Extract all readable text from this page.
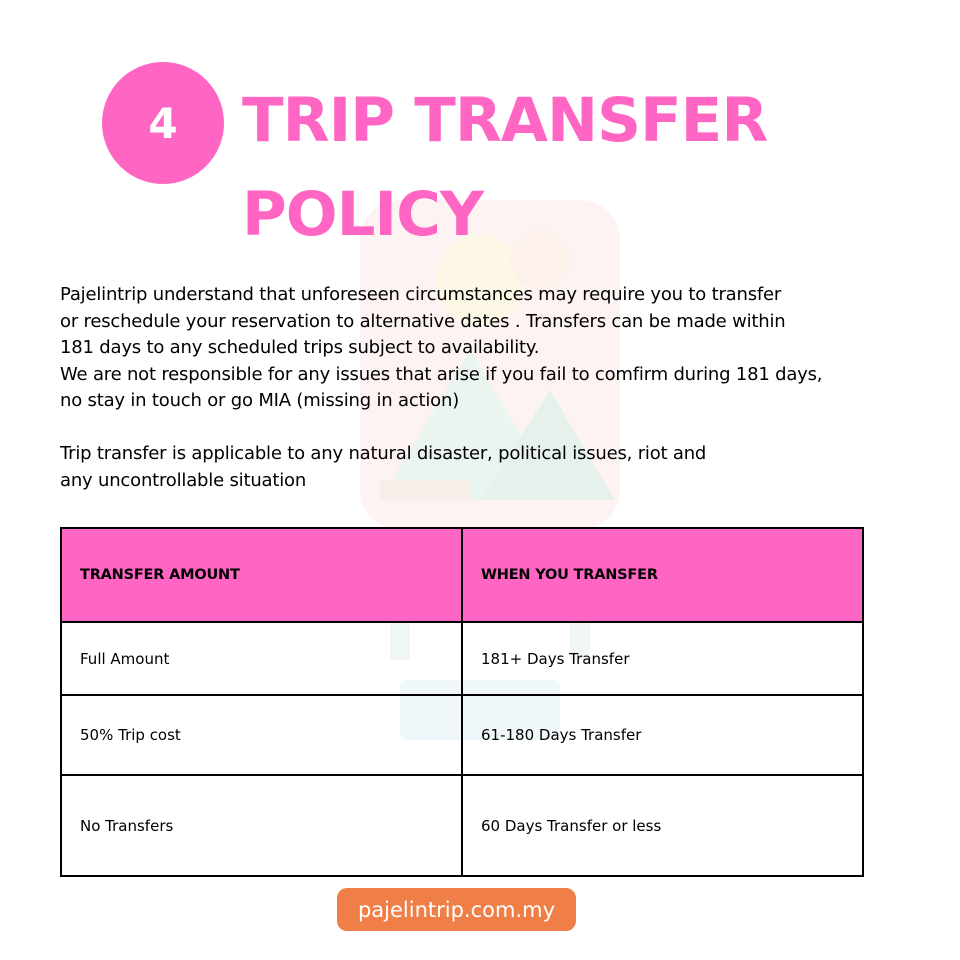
4 TRIP TRANSFER
POLICY

Pajelintrip understand that unforeseen circumstances may require you to transfer
or reschedule your reservation to alternative dates . Transfers can be made within
181 days to any scheduled trips subject to availability.
We are not responsible for any issues that arise if you fail to comfirm during 181 days,
no stay in touch or go MIA (missing in action)

Trip transfer is applicable to any natural disaster, political issues, riot and
any uncontrollable situation

TRANSFER AMOUNT	WHEN YOU TRANSFER
Full Amount	181+ Days Transfer
50% Trip cost	61-180 Days Transfer
No Transfers	60 Days Transfer or less
pajelintrip.com.my
